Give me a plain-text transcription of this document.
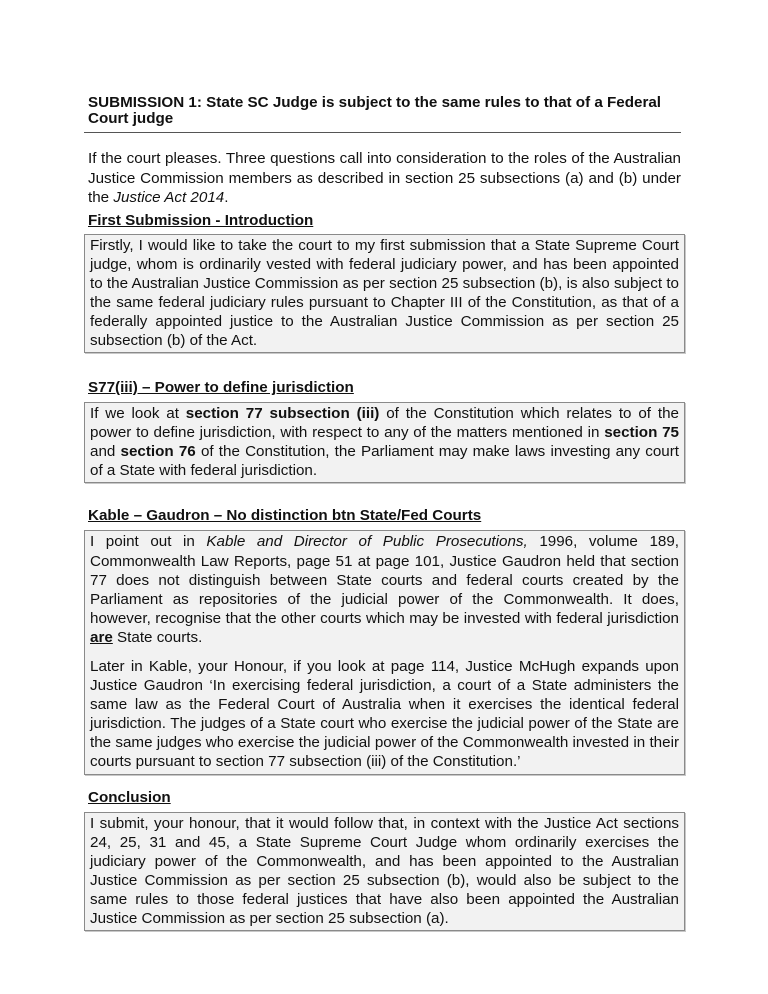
SUBMISSION 1: State SC Judge is subject to the same rules to that of a Federal Court judge

If the court pleases. Three questions call into consideration to the roles of the Australian Justice Commission members as described in section 25 subsections (a) and (b) under the Justice Act 2014.

First Submission - Introduction

Firstly, I would like to take the court to my first submission that a State Supreme Court judge, whom is ordinarily vested with federal judiciary power, and has been appointed to the Australian Justice Commission as per section 25 subsection (b), is also subject to the same federal judiciary rules pursuant to Chapter III of the Constitution, as that of a federally appointed justice to the Australian Justice Commission as per section 25 subsection (b) of the Act.

S77(iii) – Power to define jurisdiction

If we look at section 77 subsection (iii) of the Constitution which relates to of the power to define jurisdiction, with respect to any of the matters mentioned in section 75 and section 76 of the Constitution, the Parliament may make laws investing any court of a State with federal jurisdiction.

Kable – Gaudron – No distinction btn State/Fed Courts

I point out in Kable and Director of Public Prosecutions, 1996, volume 189, Commonwealth Law Reports, page 51 at page 101, Justice Gaudron held that section 77 does not distinguish between State courts and federal courts created by the Parliament as repositories of the judicial power of the Commonwealth. It does, however, recognise that the other courts which may be invested with federal jurisdiction are State courts.

Later in Kable, your Honour, if you look at page 114, Justice McHugh expands upon Justice Gaudron ‘In exercising federal jurisdiction, a court of a State administers the same law as the Federal Court of Australia when it exercises the identical federal jurisdiction. The judges of a State court who exercise the judicial power of the State are the same judges who exercise the judicial power of the Commonwealth invested in their courts pursuant to section 77 subsection (iii) of the Constitution.’

Conclusion

I submit, your honour, that it would follow that, in context with the Justice Act sections 24, 25, 31 and 45, a State Supreme Court Judge whom ordinarily exercises the judiciary power of the Commonwealth, and has been appointed to the Australian Justice Commission as per section 25 subsection (b), would also be subject to the same rules to those federal justices that have also been appointed the Australian Justice Commission as per section 25 subsection (a).
